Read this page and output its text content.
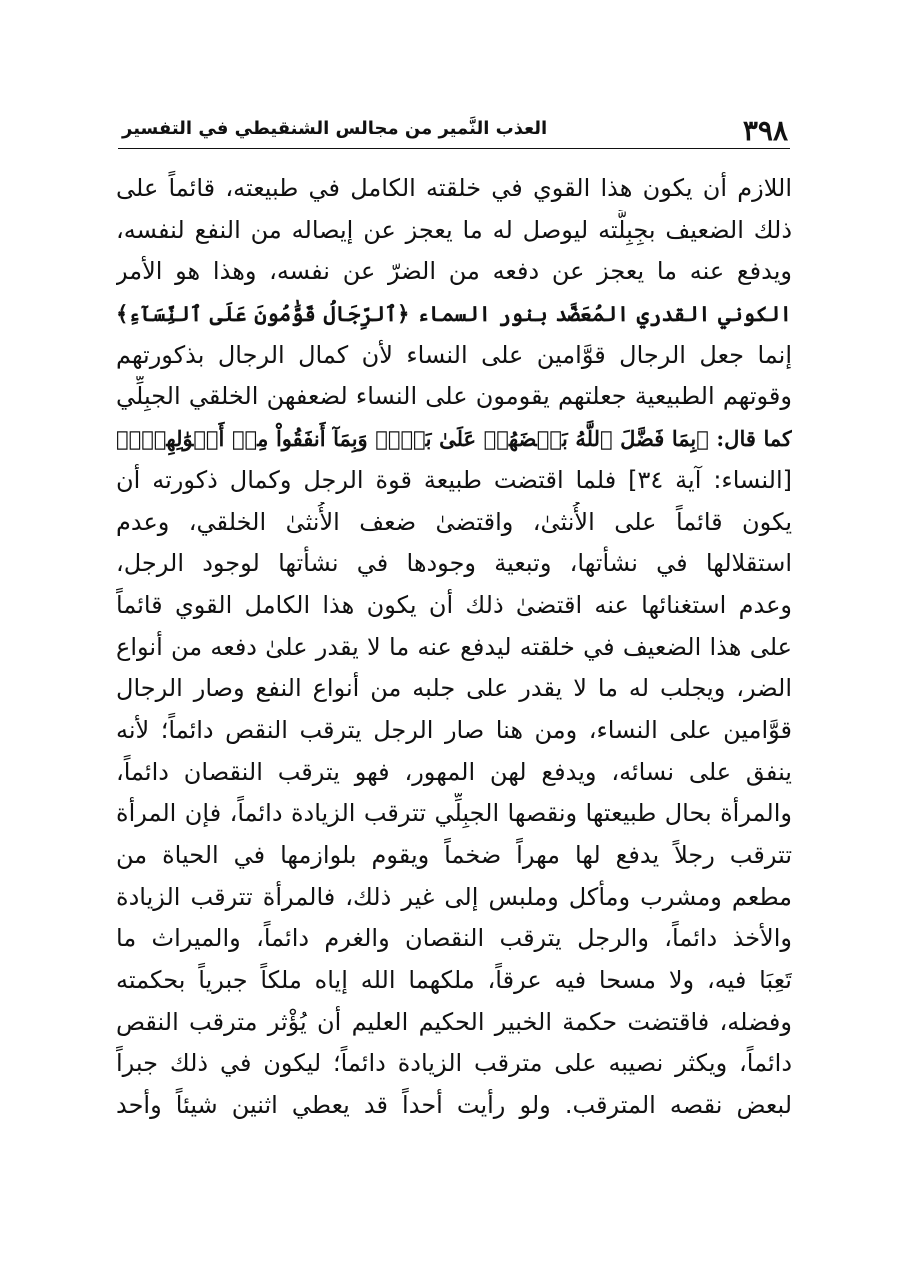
٣٩٨
العذب النَّمير من مجالس الشنقيطي في التفسير
اللازم أن يكون هذا القوي في خلقته الكامل في طبيعته، قائماً على
ذلك الضعيف بجِبِلَّته ليوصل له ما يعجز عن إيصاله من النفع لنفسه،
ويدفع عنه ما يعجز عن دفعه من الضرّ عن نفسه، وهذا هو الأمر
الكوني القدري المُعَضَّد بنور السماء ﴿ٱلرِّجَالُ قَوَّٰمُونَ عَلَى ٱلنِّسَآءِ﴾
إنما جعل الرجال قوَّامين على النساء لأن كمال الرجال بذكورتهم
وقوتهم الطبيعية جعلتهم يقومون على النساء لضعفهن الخلقي الجبِلِّي
كما قال: ﴿بِمَا فَضَّلَ ٱللَّهُ بَعۡضَهُمۡ عَلَىٰ بَعۡضٖ وَبِمَآ أَنفَقُواْ مِنۡ أَمۡوَٰلِهِمۡۚ﴾
[النساء: آية ٣٤] فلما اقتضت طبيعة قوة الرجل وكمال ذكورته أن
يكون قائماً على الأُنثىٰ، واقتضىٰ ضعف الأُنثىٰ الخلقي، وعدم
استقلالها في نشأتها، وتبعية وجودها في نشأتها لوجود الرجل،
وعدم استغنائها عنه اقتضىٰ ذلك أن يكون هذا الكامل القوي قائماً
على هذا الضعيف في خلقته ليدفع عنه ما لا يقدر علىٰ دفعه من أنواع
الضر، ويجلب له ما لا يقدر على جلبه من أنواع النفع وصار الرجال
قوَّامين على النساء، ومن هنا صار الرجل يترقب النقص دائماً؛ لأنه
ينفق على نسائه، ويدفع لهن المهور، فهو يترقب النقصان دائماً،
والمرأة بحال طبيعتها ونقصها الجبِلِّي تترقب الزيادة دائماً، فإن المرأة
تترقب رجلاً يدفع لها مهراً ضخماً ويقوم بلوازمها في الحياة من
مطعم ومشرب ومأكل وملبس إلى غير ذلك، فالمرأة تترقب الزيادة
والأخذ دائماً، والرجل يترقب النقصان والغرم دائماً، والميراث ما
تَعِبَا فيه، ولا مسحا فيه عرقاً، ملكهما الله إياه ملكاً جبرياً بحكمته
وفضله، فاقتضت حكمة الخبير الحكيم العليم أن يُؤْثر مترقب النقص
دائماً، ويكثر نصيبه على مترقب الزيادة دائماً؛ ليكون في ذلك جبراً
لبعض نقصه المترقب. ولو رأيت أحداً قد يعطي اثنين شيئاً وأحد
